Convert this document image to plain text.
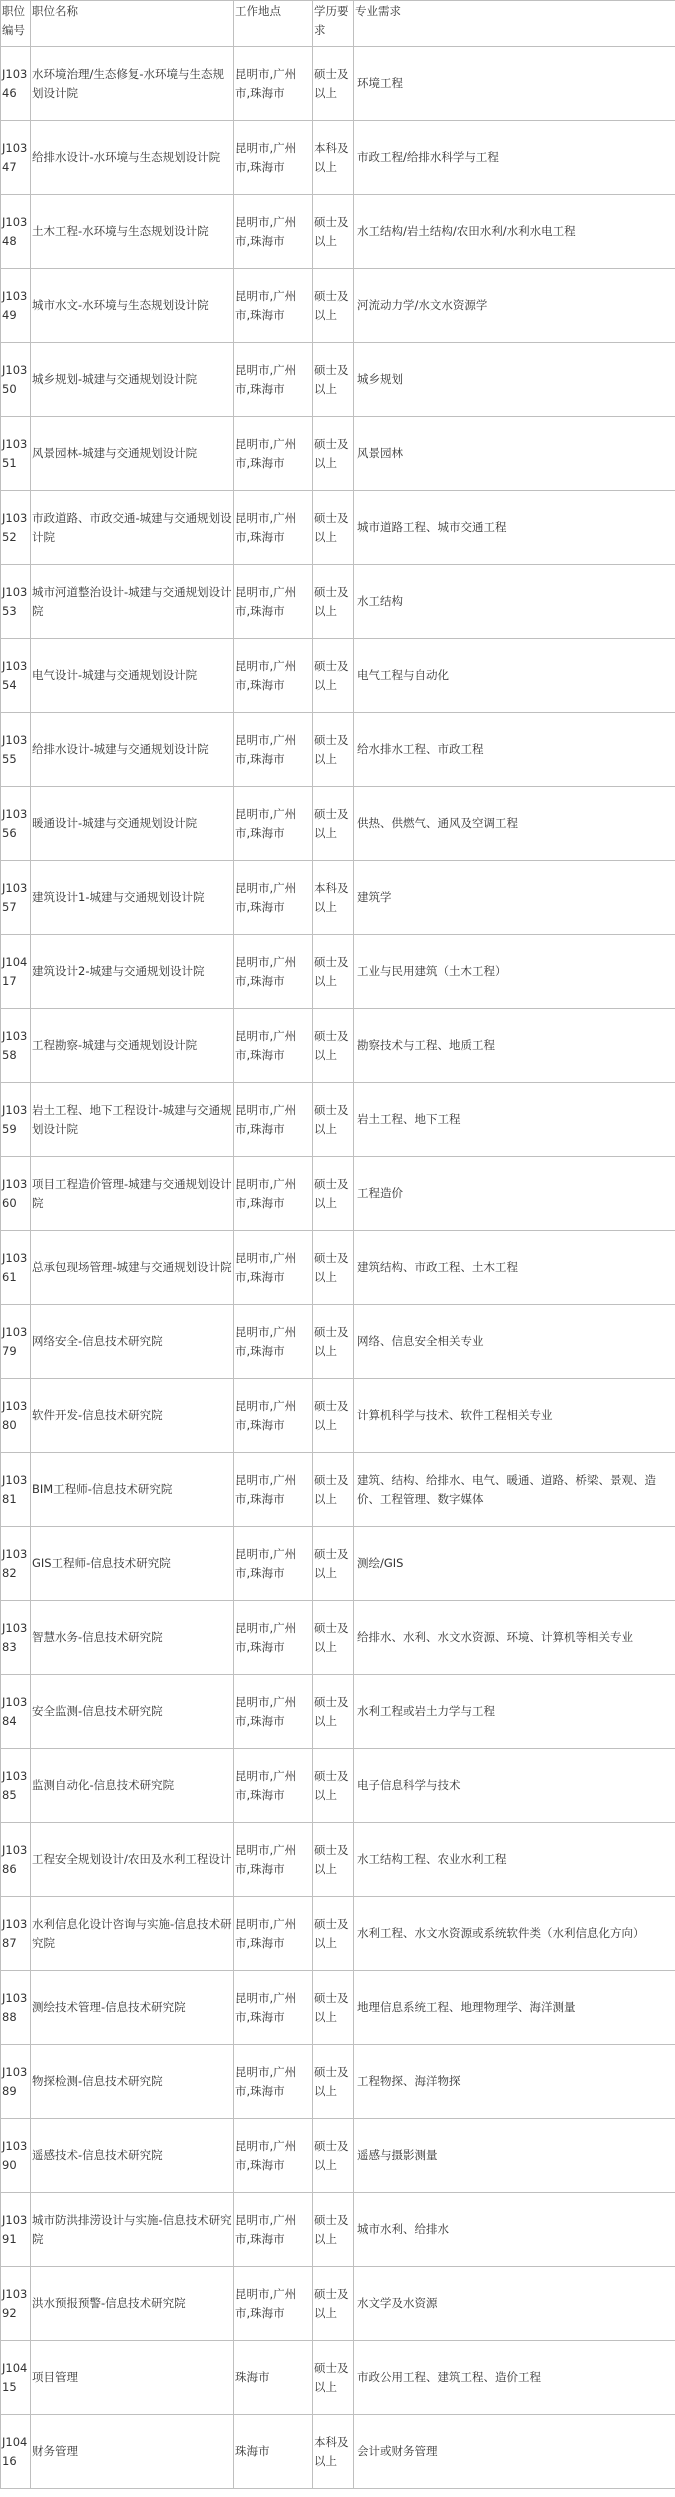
职位编号	职位名称	工作地点	学历要求	专业需求
J10346	水环境治理/生态修复-水环境与生态规划设计院	昆明市,广州市,珠海市	硕士及以上	环境工程
J10347	给排水设计-水环境与生态规划设计院	昆明市,广州市,珠海市	本科及以上	市政工程/给排水科学与工程
J10348	土木工程-水环境与生态规划设计院	昆明市,广州市,珠海市	硕士及以上	水工结构/岩土结构/农田水利/水利水电工程
J10349	城市水文-水环境与生态规划设计院	昆明市,广州市,珠海市	硕士及以上	河流动力学/水文水资源学
J10350	城乡规划-城建与交通规划设计院	昆明市,广州市,珠海市	硕士及以上	城乡规划
J10351	风景园林-城建与交通规划设计院	昆明市,广州市,珠海市	硕士及以上	风景园林
J10352	市政道路、市政交通-城建与交通规划设计院	昆明市,广州市,珠海市	硕士及以上	城市道路工程、城市交通工程
J10353	城市河道整治设计-城建与交通规划设计院	昆明市,广州市,珠海市	硕士及以上	水工结构
J10354	电气设计-城建与交通规划设计院	昆明市,广州市,珠海市	硕士及以上	电气工程与自动化
J10355	给排水设计-城建与交通规划设计院	昆明市,广州市,珠海市	硕士及以上	给水排水工程、市政工程
J10356	暖通设计-城建与交通规划设计院	昆明市,广州市,珠海市	硕士及以上	供热、供燃气、通风及空调工程
J10357	建筑设计1-城建与交通规划设计院	昆明市,广州市,珠海市	本科及以上	建筑学
J10417	建筑设计2-城建与交通规划设计院	昆明市,广州市,珠海市	硕士及以上	工业与民用建筑（土木工程）
J10358	工程勘察-城建与交通规划设计院	昆明市,广州市,珠海市	硕士及以上	勘察技术与工程、地质工程
J10359	岩土工程、地下工程设计-城建与交通规划设计院	昆明市,广州市,珠海市	硕士及以上	岩土工程、地下工程
J10360	项目工程造价管理-城建与交通规划设计院	昆明市,广州市,珠海市	硕士及以上	工程造价
J10361	总承包现场管理-城建与交通规划设计院	昆明市,广州市,珠海市	硕士及以上	建筑结构、市政工程、土木工程
J10379	网络安全-信息技术研究院	昆明市,广州市,珠海市	硕士及以上	网络、信息安全相关专业
J10380	软件开发-信息技术研究院	昆明市,广州市,珠海市	硕士及以上	计算机科学与技术、软件工程相关专业
J10381	BIM工程师-信息技术研究院	昆明市,广州市,珠海市	硕士及以上	建筑、结构、给排水、电气、暖通、道路、桥梁、景观、造价、工程管理、数字媒体
J10382	GIS工程师-信息技术研究院	昆明市,广州市,珠海市	硕士及以上	测绘/GIS
J10383	智慧水务-信息技术研究院	昆明市,广州市,珠海市	硕士及以上	给排水、水利、水文水资源、环境、计算机等相关专业
J10384	安全监测-信息技术研究院	昆明市,广州市,珠海市	硕士及以上	水利工程或岩土力学与工程
J10385	监测自动化-信息技术研究院	昆明市,广州市,珠海市	硕士及以上	电子信息科学与技术
J10386	工程安全规划设计/农田及水利工程设计	昆明市,广州市,珠海市	硕士及以上	水工结构工程、农业水利工程
J10387	水利信息化设计咨询与实施-信息技术研究院	昆明市,广州市,珠海市	硕士及以上	水利工程、水文水资源或系统软件类（水利信息化方向）
J10388	测绘技术管理-信息技术研究院	昆明市,广州市,珠海市	硕士及以上	地理信息系统工程、地理物理学、海洋测量
J10389	物探检测-信息技术研究院	昆明市,广州市,珠海市	硕士及以上	工程物探、海洋物探
J10390	遥感技术-信息技术研究院	昆明市,广州市,珠海市	硕士及以上	遥感与摄影测量
J10391	城市防洪排涝设计与实施-信息技术研究院	昆明市,广州市,珠海市	硕士及以上	城市水利、给排水
J10392	洪水预报预警-信息技术研究院	昆明市,广州市,珠海市	硕士及以上	水文学及水资源
J10415	项目管理	珠海市	硕士及以上	市政公用工程、建筑工程、造价工程
J10416	财务管理	珠海市	本科及以上	会计或财务管理
